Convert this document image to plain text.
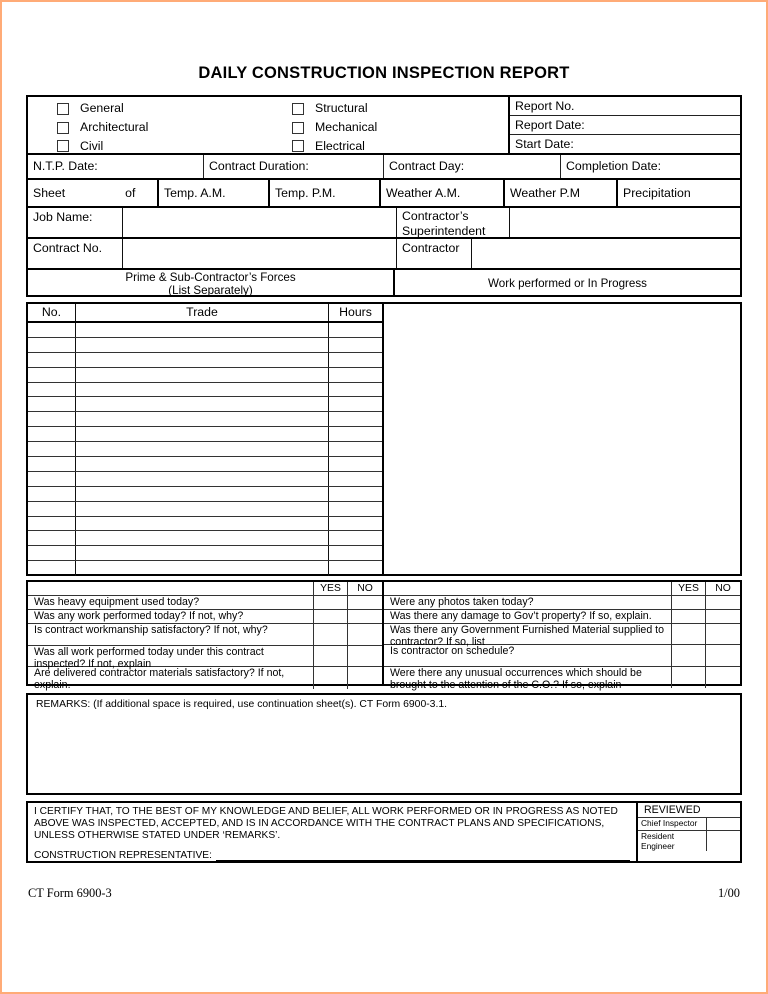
DAILY CONSTRUCTION INSPECTION REPORT
General
Architectural
Civil
Structural
Mechanical
Electrical
Report No.
Report Date:
Start Date:
N.T.P. Date:	Contract Duration:	Contract Day:	Completion Date:
Sheet	of	Temp. A.M.	Temp. P.M.	Weather A.M.	Weather P.M	Precipitation
Job Name:	Contractor’s
Superintendent
Contract No.	Contractor
Prime & Sub-Contractor’s Forces
(List Separately)
Work performed or In Progress
No.	Trade	Hours
YES	NO
Was heavy equipment used today?
Was any work performed today? If not, why?
Is contract workmanship satisfactory? If not, why?
Was all work performed today under this contract inspected? If not, explain
Are delivered contractor materials satisfactory? If not, explain.
YES	NO
Were any photos taken today?
Was there any damage to Gov’t property? If so, explain.
Was there any Government Furnished Material supplied to contractor? If so, list
Is contractor on schedule?
Were there any unusual occurrences which should be brought to the attention of the C.O.? If so, explain
REMARKS: (If additional space is required, use continuation sheet(s). CT Form 6900-3.1.
I CERTIFY THAT, TO THE BEST OF MY KNOWLEDGE AND BELIEF, ALL WORK PERFORMED OR IN PROGRESS AS NOTED
ABOVE WAS INSPECTED, ACCEPTED, AND IS IN ACCORDANCE WITH THE CONTRACT PLANS AND SPECIFICATIONS,
UNLESS OTHERWISE STATED UNDER ‘REMARKS’.
CONSTRUCTION REPRESENTATIVE:
REVIEWED
Chief Inspector
Resident
Engineer
CT Form 6900-3	1/00
